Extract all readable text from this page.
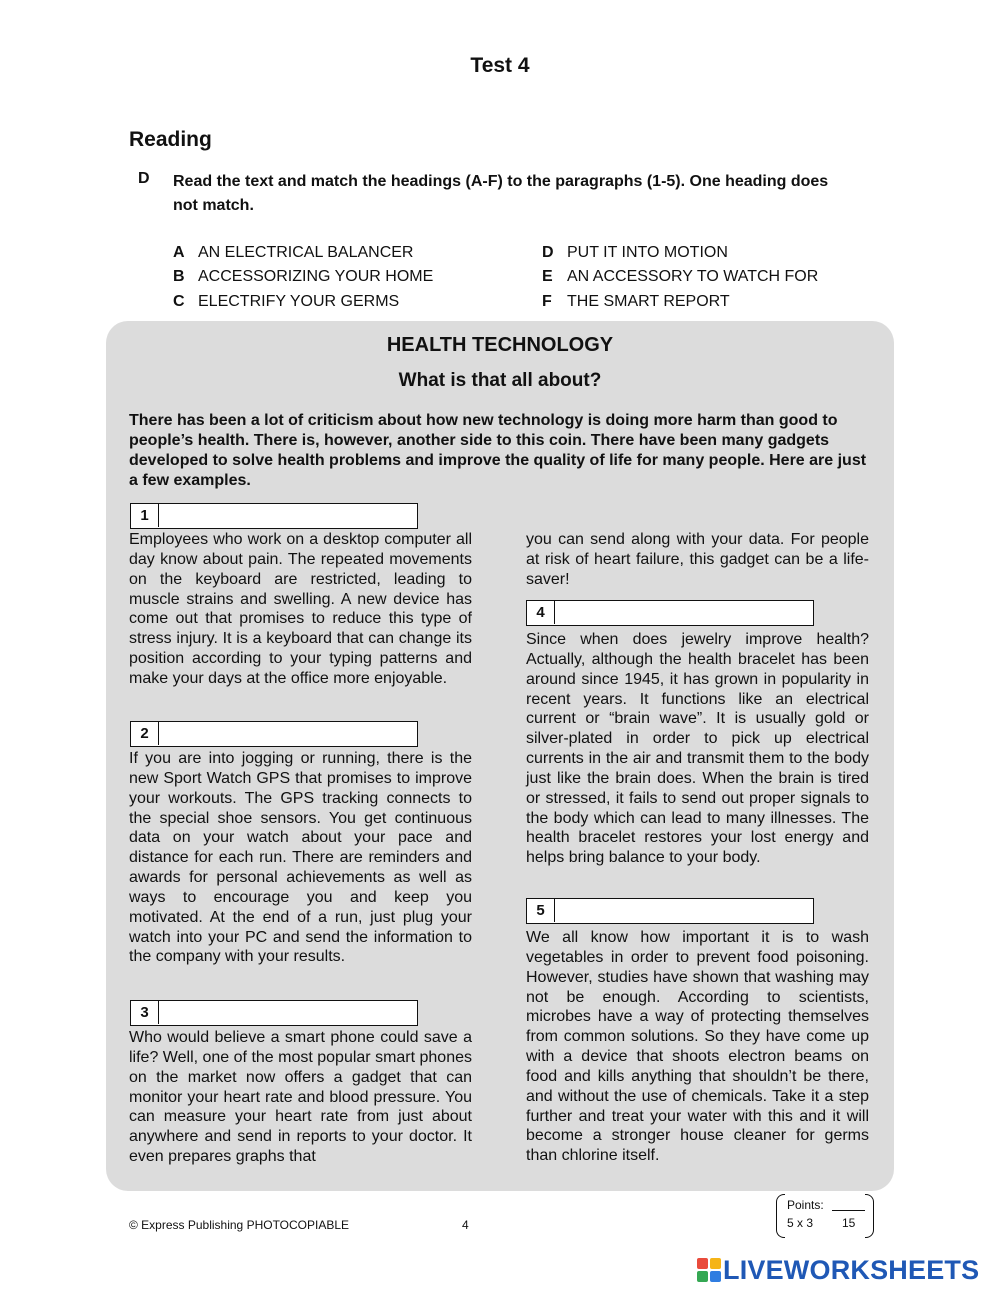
Test 4
Reading
D Read the text and match the headings (A-F) to the paragraphs (1-5). One heading does not match.
A AN ELECTRICAL BALANCER
B ACCESSORIZING YOUR HOME
C ELECTRIFY YOUR GERMS
D PUT IT INTO MOTION
E AN ACCESSORY TO WATCH FOR
F THE SMART REPORT
HEALTH TECHNOLOGY
What is that all about?
There has been a lot of criticism about how new technology is doing more harm than good to people’s health. There is, however, another side to this coin. There have been many gadgets developed to solve health problems and improve the quality of life for many people. Here are just a few examples.
1

Employees who work on a desktop computer all day know about pain. The repeated movements on the keyboard are restricted, leading to muscle strains and swelling. A new device has come out that promises to reduce this type of stress injury. It is a keyboard that can change its position according to your typing patterns and make your days at the office more enjoyable.

2

If you are into jogging or running, there is the new Sport Watch GPS that promises to improve your workouts. The GPS tracking connects to the special shoe sensors. You get continuous data on your watch about your pace and distance for each run. There are reminders and awards for personal achievements as well as ways to encourage you and keep you motivated. At the end of a run, just plug your watch into your PC and send the information to the company with your results.

3

Who would believe a smart phone could save a life? Well, one of the most popular smart phones on the market now offers a gadget that can monitor your heart rate and blood pressure. You can measure your heart rate from just about anywhere and send in reports to your doctor. It even prepares graphs that

you can send along with your data. For people at risk of heart failure, this gadget can be a life-saver!

4

Since when does jewelry improve health? Actually, although the health bracelet has been around since 1945, it has grown in popularity in recent years. It functions like an electrical current or “brain wave”. It is usually gold or silver-plated in order to pick up electrical currents in the air and transmit them to the body just like the brain does. When the brain is tired or stressed, it fails to send out proper signals to the body which can lead to many illnesses. The health bracelet restores your lost energy and helps bring balance to your body.

5

We all know how important it is to wash vegetables in order to prevent food poisoning. However, studies have shown that washing may not be enough. According to scientists, microbes have a way of protecting themselves from common solutions. So they have come up with a device that shoots electron beams on food and kills anything that shouldn’t be there, and without the use of chemicals. Take it a step further and treat your water with this and it will become a stronger house cleaner for germs than chlorine itself.

© Express Publishing PHOTOCOPIABLE	4
Points:
5 x 3 15
LIVEWORKSHEETS
